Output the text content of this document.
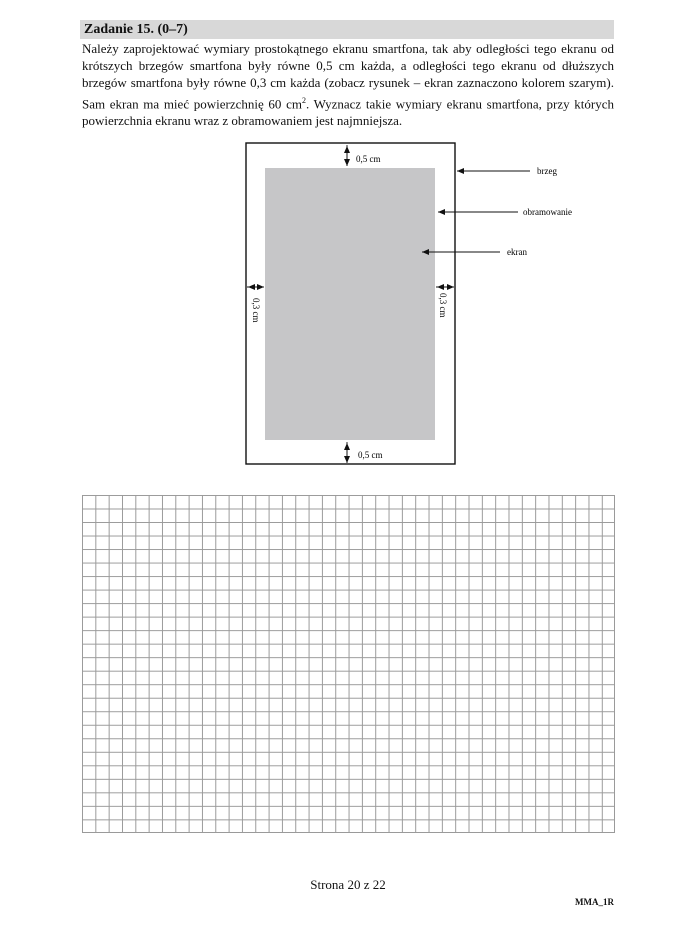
Zadanie 15. (0–7)

Należy zaprojektować wymiary prostokątnego ekranu smartfona, tak aby odległości tego ekranu od krótszych brzegów smartfona były równe 0,5 cm każda, a odległości tego ekranu od dłuższych brzegów smartfona były równe 0,3 cm każda (zobacz rysunek – ekran zaznaczono kolorem szarym). Sam ekran ma mieć powierzchnię 60 $cm^2$. Wyznacz takie wymiary ekranu smartfona, przy których powierzchnia ekranu wraz z obramowaniem jest najmniejsza.

0,5 cm
0,5 cm
0,3 cm	0,3 cm
brzeg
obramowanie
ekran
Strona 20 z 22
MMA_1R
